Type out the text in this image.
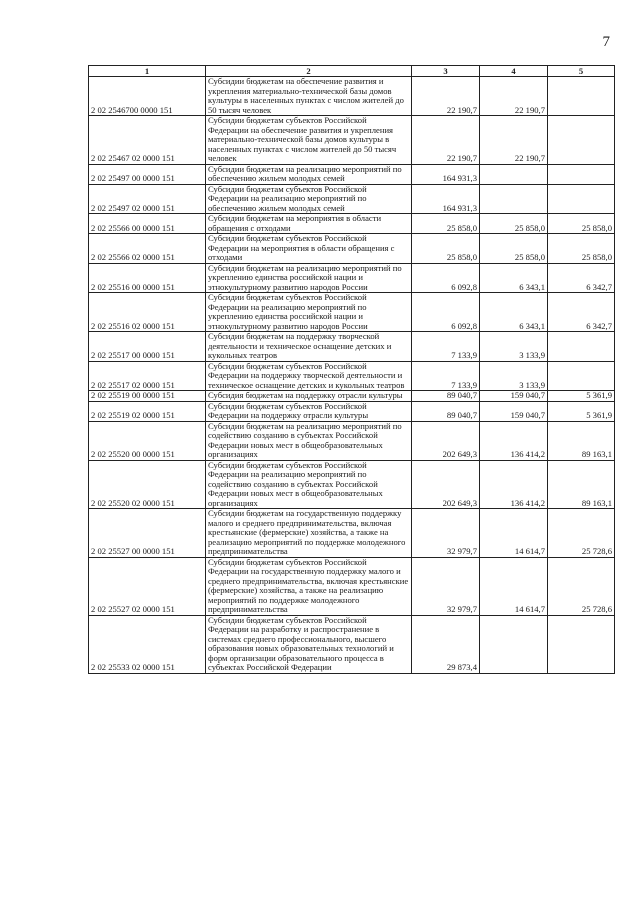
7
1	2	3	4	5
2 02 2546700 0000 151	Субсидии бюджетам на обеспечение развития и укрепления материально-технической базы домов культуры в населенных пунктах с числом жителей до 50 тысяч человек	22 190,7	22 190,7	
2 02 25467 02 0000 151	Субсидии бюджетам субъектов Российской Федерации на обеспечение развития и укрепления материально-технической базы домов культуры в населенных пунктах с числом жителей до 50 тысяч человек	22 190,7	22 190,7	
2 02 25497 00 0000 151	Субсидии бюджетам на реализацию мероприятий по обеспечению жильем молодых семей	164 931,3		
2 02 25497 02 0000 151	Субсидии бюджетам субъектов Российской Федерации на реализацию мероприятий по обеспечению жильем молодых семей	164 931,3		
2 02 25566 00 0000 151	Субсидии бюджетам на мероприятия в области обращения с отходами	25 858,0	25 858,0	25 858,0
2 02 25566 02 0000 151	Субсидии бюджетам субъектов Российской Федерации на мероприятия в области обращения с отходами	25 858,0	25 858,0	25 858,0
2 02 25516 00 0000 151	Субсидии бюджетам на реализацию мероприятий по укреплению единства российской нации и этнокультурному развитию народов России	6 092,8	6 343,1	6 342,7
2 02 25516 02 0000 151	Субсидии бюджетам субъектов Российской Федерации на реализацию мероприятий по укреплению единства российской нации и этнокультурному развитию народов России	6 092,8	6 343,1	6 342,7
2 02 25517 00 0000 151	Субсидии бюджетам на поддержку творческой деятельности и техническое оснащение детских и кукольных театров	7 133,9	3 133,9	
2 02 25517 02 0000 151	Субсидии бюджетам субъектов Российской Федерации на поддержку творческой деятельности и техническое оснащение детских и кукольных театров	7 133,9	3 133,9	
2 02 25519 00 0000 151	Субсидия бюджетам на поддержку отрасли культуры	89 040,7	159 040,7	5 361,9
2 02 25519 02 0000 151	Субсидии бюджетам субъектов Российской Федерации на поддержку отрасли культуры	89 040,7	159 040,7	5 361,9
2 02 25520 00 0000 151	Субсидии бюджетам на реализацию мероприятий по содействию созданию в субъектах Российской Федерации новых мест в общеобразовательных организациях	202 649,3	136 414,2	89 163,1
2 02 25520 02 0000 151	Субсидии бюджетам субъектов Российской Федерации на реализацию мероприятий по содействию созданию в субъектах Российской Федерации новых мест в общеобразовательных организациях	202 649,3	136 414,2	89 163,1
2 02 25527 00 0000 151	Субсидии бюджетам на государственную поддержку малого и среднего предпринимательства, включая крестьянские (фермерские) хозяйства, а также на реализацию мероприятий по поддержке молодежного предпринимательства	32 979,7	14 614,7	25 728,6
2 02 25527 02 0000 151	Субсидии бюджетам субъектов Российской Федерации на государственную поддержку малого и среднего предпринимательства, включая крестьянские (фермерские) хозяйства, а также на реализацию мероприятий по поддержке молодежного предпринимательства	32 979,7	14 614,7	25 728,6
2 02 25533 02 0000 151	Субсидии бюджетам субъектов Российской Федерации на разработку и распространение в системах среднего профессионального, высшего образования новых образовательных технологий и форм организации образовательного процесса в субъектах Российской Федерации	29 873,4		
